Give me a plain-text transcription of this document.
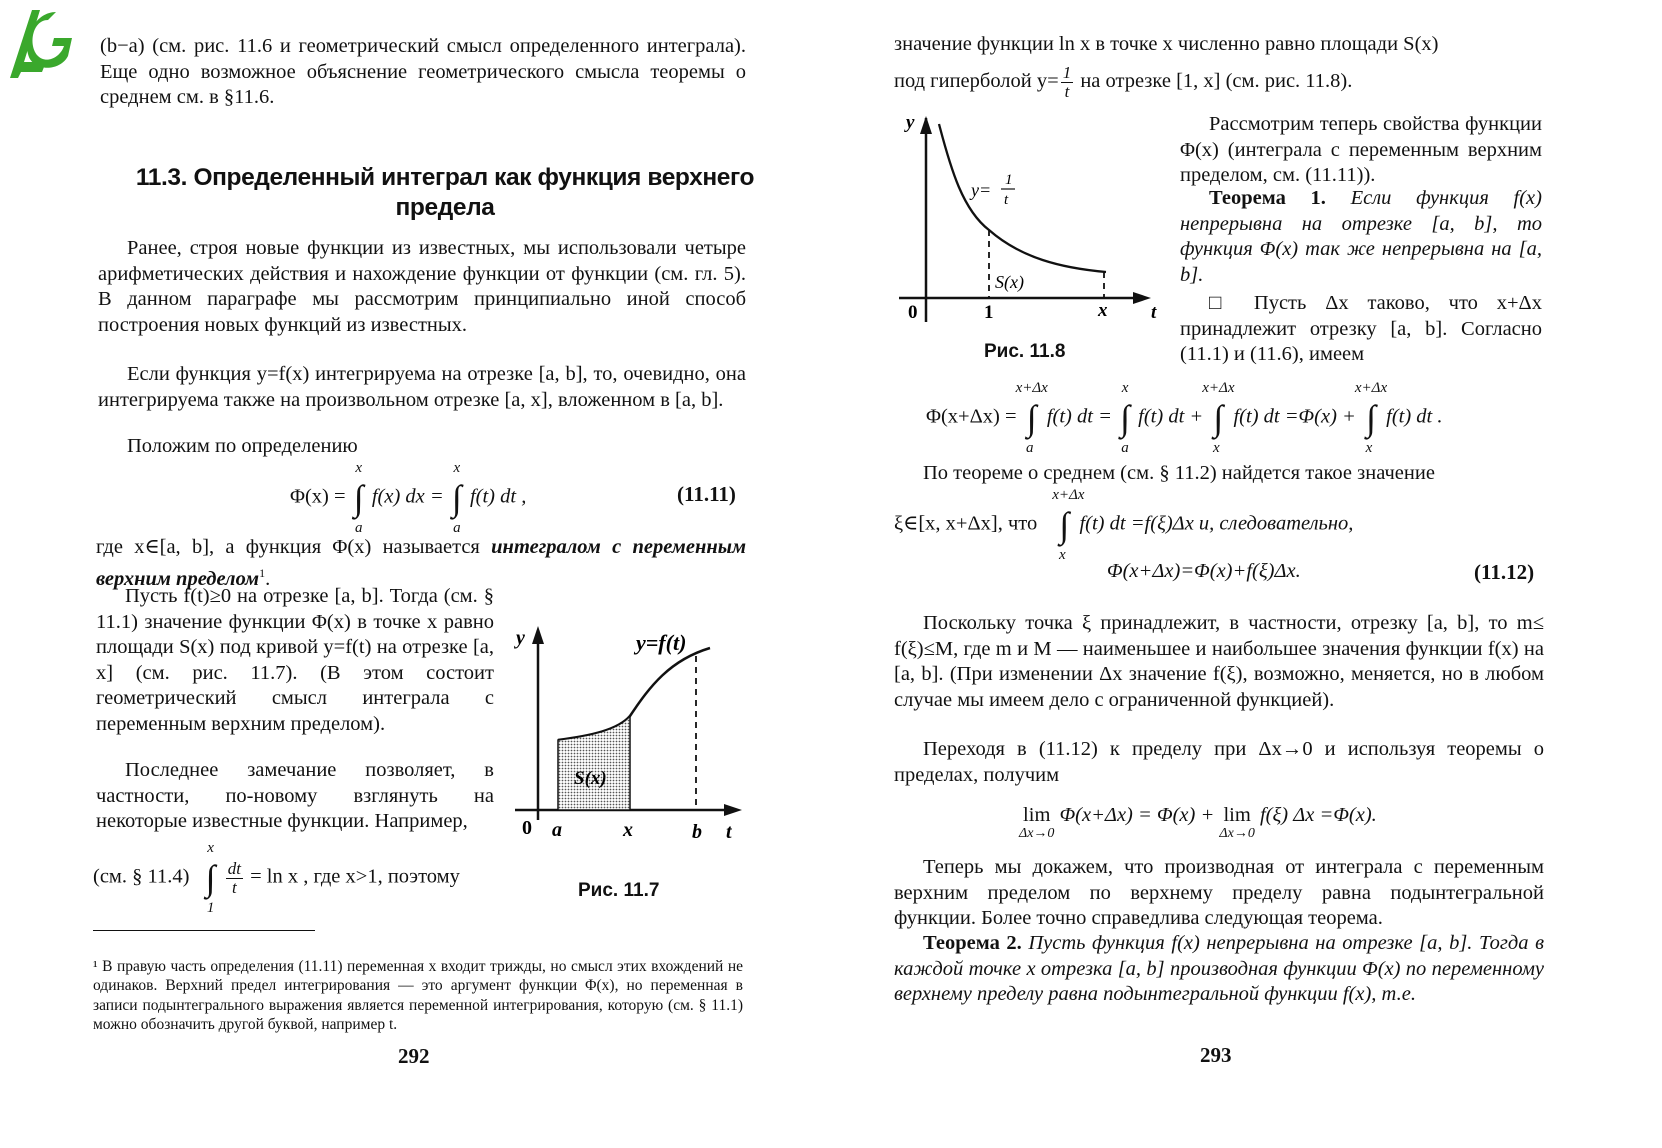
(b−a) (см. рис. 11.6 и геометрический смысл определенного интеграла). Еще одно возможное объяснение геометрического смысла теоремы о среднем см. в §11.6.

11.3. Определенный интеграл как функция верхнего предела

Ранее, строя новые функции из известных, мы использовали четыре арифметических действия и нахождение функции от функции (см. гл. 5). В данном параграфе мы рассмотрим принципиально иной способ построения новых функций из известных.

Если функция y=f(x) интегрируема на отрезке [a, b], то, очевидно, она интегрируема также на произвольном отрезке [a, x], вложенном в [a, b].

Положим по определению

Φ(x) =
x
∫
a
f(x) dx =
x
∫
a
f(t) dt ,	(11.11)

где x∈[a, b], а функция Φ(x) называется интегралом с переменным верхним пределом$^1$.

Пусть f(t)≥0 на отрезке [a, b]. Тогда (см. § 11.1) значение функции Φ(x) в точке x равно площади S(x) под кривой y=f(t) на отрезке [a, x] (см. рис. 11.7). (В этом состоит геометрический смысл интеграла с переменным верхним пределом).

Последнее замечание позволяет, в частности, по-новому взглянуть на некоторые известные функции. Например,

(см. § 11.4)
x
∫
1

$\frac{dt}{t} = \ln x$ , где x>1, поэтому
y	y=f(t)
S(x)
0 a	x	b t
Рис. 11.7

¹ В правую часть определения (11.11) переменная x входит трижды, но смысл этих вхождений не одинаков. Верхний предел интегрирования — это аргумент функции Φ(x), но переменная в записи подынтегрального выражения является переменной интегрирования, которую (см. § 11.1) можно обозначить другой буквой, например t.

292

значение функции ln x в точке x численно равно площади S(x)

под гиперболой $y= \frac{1}{t}$ на отрезке [1, x] (см. рис. 11.8).
y
y= 1
t
S(x)
0	1	x t
Рис. 11.8

Рассмотрим теперь свойства функции Φ(x) (интеграла с переменным верхним пределом, см. (11.11)).

Теорема 1. Если функция f(x) непрерывна на отрезке [a, b], то функция Φ(x) так же непрерывна на [a, b].

□ Пусть Δx таково, что x+Δx принадлежит отрезку [a, b]. Согласно (11.1) и (11.6), имеем

Φ(x+Δx) =
x+Δx
∫
a
f(t) dt =
x
∫
a
f(t) dt +
x+Δx
∫
x
f(t) dt =Φ(x) +
x+Δx
∫
x
f(t) dt .

По теореме о среднем (см. § 11.2) найдется такое значение

ξ∈[x, x+Δx], что
x+Δx
∫
x
f(t) dt =f(ξ)Δx и, следовательно,
Φ(x+Δx)=Φ(x)+f(ξ)Δx.	(11.12)

Поскольку точка ξ принадлежит, в частности, отрезку [a, b], то m≤ f(ξ)≤M, где m и M — наименьшее и наибольшее значения функции f(x) на [a, b]. (При изменении Δx значение f(ξ), возможно, меняется, но в любом случае мы имеем дело с ограниченной функцией).

Переходя в (11.12) к пределу при Δx→0 и используя теоремы о пределах, получим

lim
Δx→0
Φ(x+Δx) = Φ(x) + lim
Δx→0
f(ξ) Δx =Φ(x).

Теперь мы докажем, что производная от интеграла с переменным верхним пределом по верхнему пределу равна подынтегральной функции. Более точно справедлива следующая теорема.

Теорема 2. Пусть функция f(x) непрерывна на отрезке [a, b]. Тогда в каждой точке x отрезка [a, b] производная функции Φ(x) по переменному верхнему пределу равна подынтегральной функции f(x), т.е.

293
